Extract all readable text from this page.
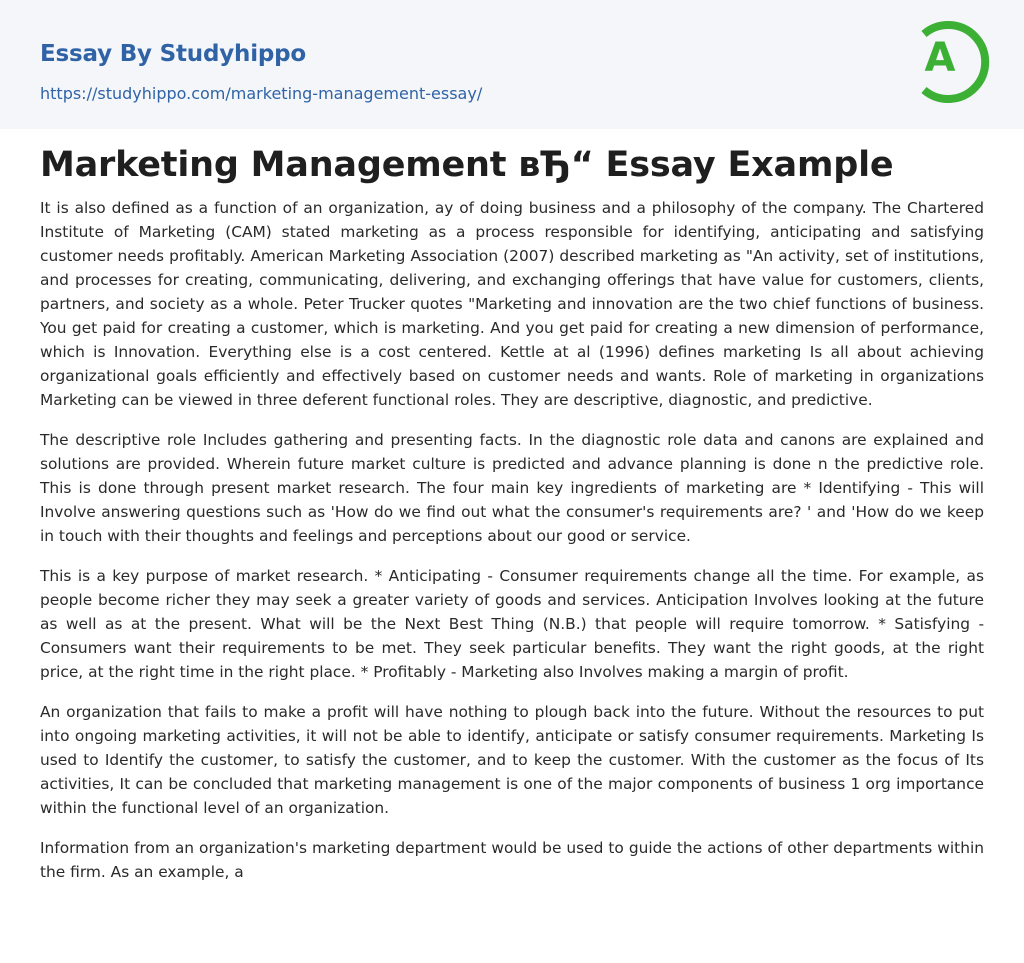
Essay By Studyhippo
https://studyhippo.com/marketing-management-essay/
A
Marketing Management вЂ“ Essay Example

It is also defined as a function of an organization, ay of doing business and a philosophy of the company. The Chartered Institute of Marketing (CAM) stated marketing as a process responsible for identifying, anticipating and satisfying customer needs profitably. American Marketing Association (2007) described marketing as "An activity, set of institutions, and processes for creating, communicating, delivering, and exchanging offerings that have value for customers, clients, partners, and society as a whole. Peter Trucker quotes "Marketing and innovation are the two chief functions of business. You get paid for creating a customer, which is marketing. And you get paid for creating a new dimension of performance, which is Innovation. Everything else is a cost centered. Kettle at al (1996) defines marketing Is all about achieving organizational goals efficiently and effectively based on customer needs and wants. Role of marketing in organizations Marketing can be viewed in three deferent functional roles. They are descriptive, diagnostic, and predictive.

The descriptive role Includes gathering and presenting facts. In the diagnostic role data and canons are explained and solutions are provided. Wherein future market culture is predicted and advance planning is done n the predictive role. This is done through present market research. The four main key ingredients of marketing are * Identifying - This will Involve answering questions such as 'How do we find out what the consumer's requirements are? ' and 'How do we keep in touch with their thoughts and feelings and perceptions about our good or service.

This is a key purpose of market research. * Anticipating - Consumer requirements change all the time. For example, as people become richer they may seek a greater variety of goods and services. Anticipation Involves looking at the future as well as at the present. What will be the Next Best Thing (N.B.) that people will require tomorrow. * Satisfying - Consumers want their requirements to be met. They seek particular benefits. They want the right goods, at the right price, at the right time in the right place. * Profitably - Marketing also Involves making a margin of profit.

An organization that fails to make a profit will have nothing to plough back into the future. Without the resources to put into ongoing marketing activities, it will not be able to identify, anticipate or satisfy consumer requirements. Marketing Is used to Identify the customer, to satisfy the customer, and to keep the customer. With the customer as the focus of Its activities, It can be concluded that marketing management is one of the major components of business 1 org importance within the functional level of an organization.

Information from an organization's marketing department would be used to guide the actions of other departments within the firm. As an example, a
